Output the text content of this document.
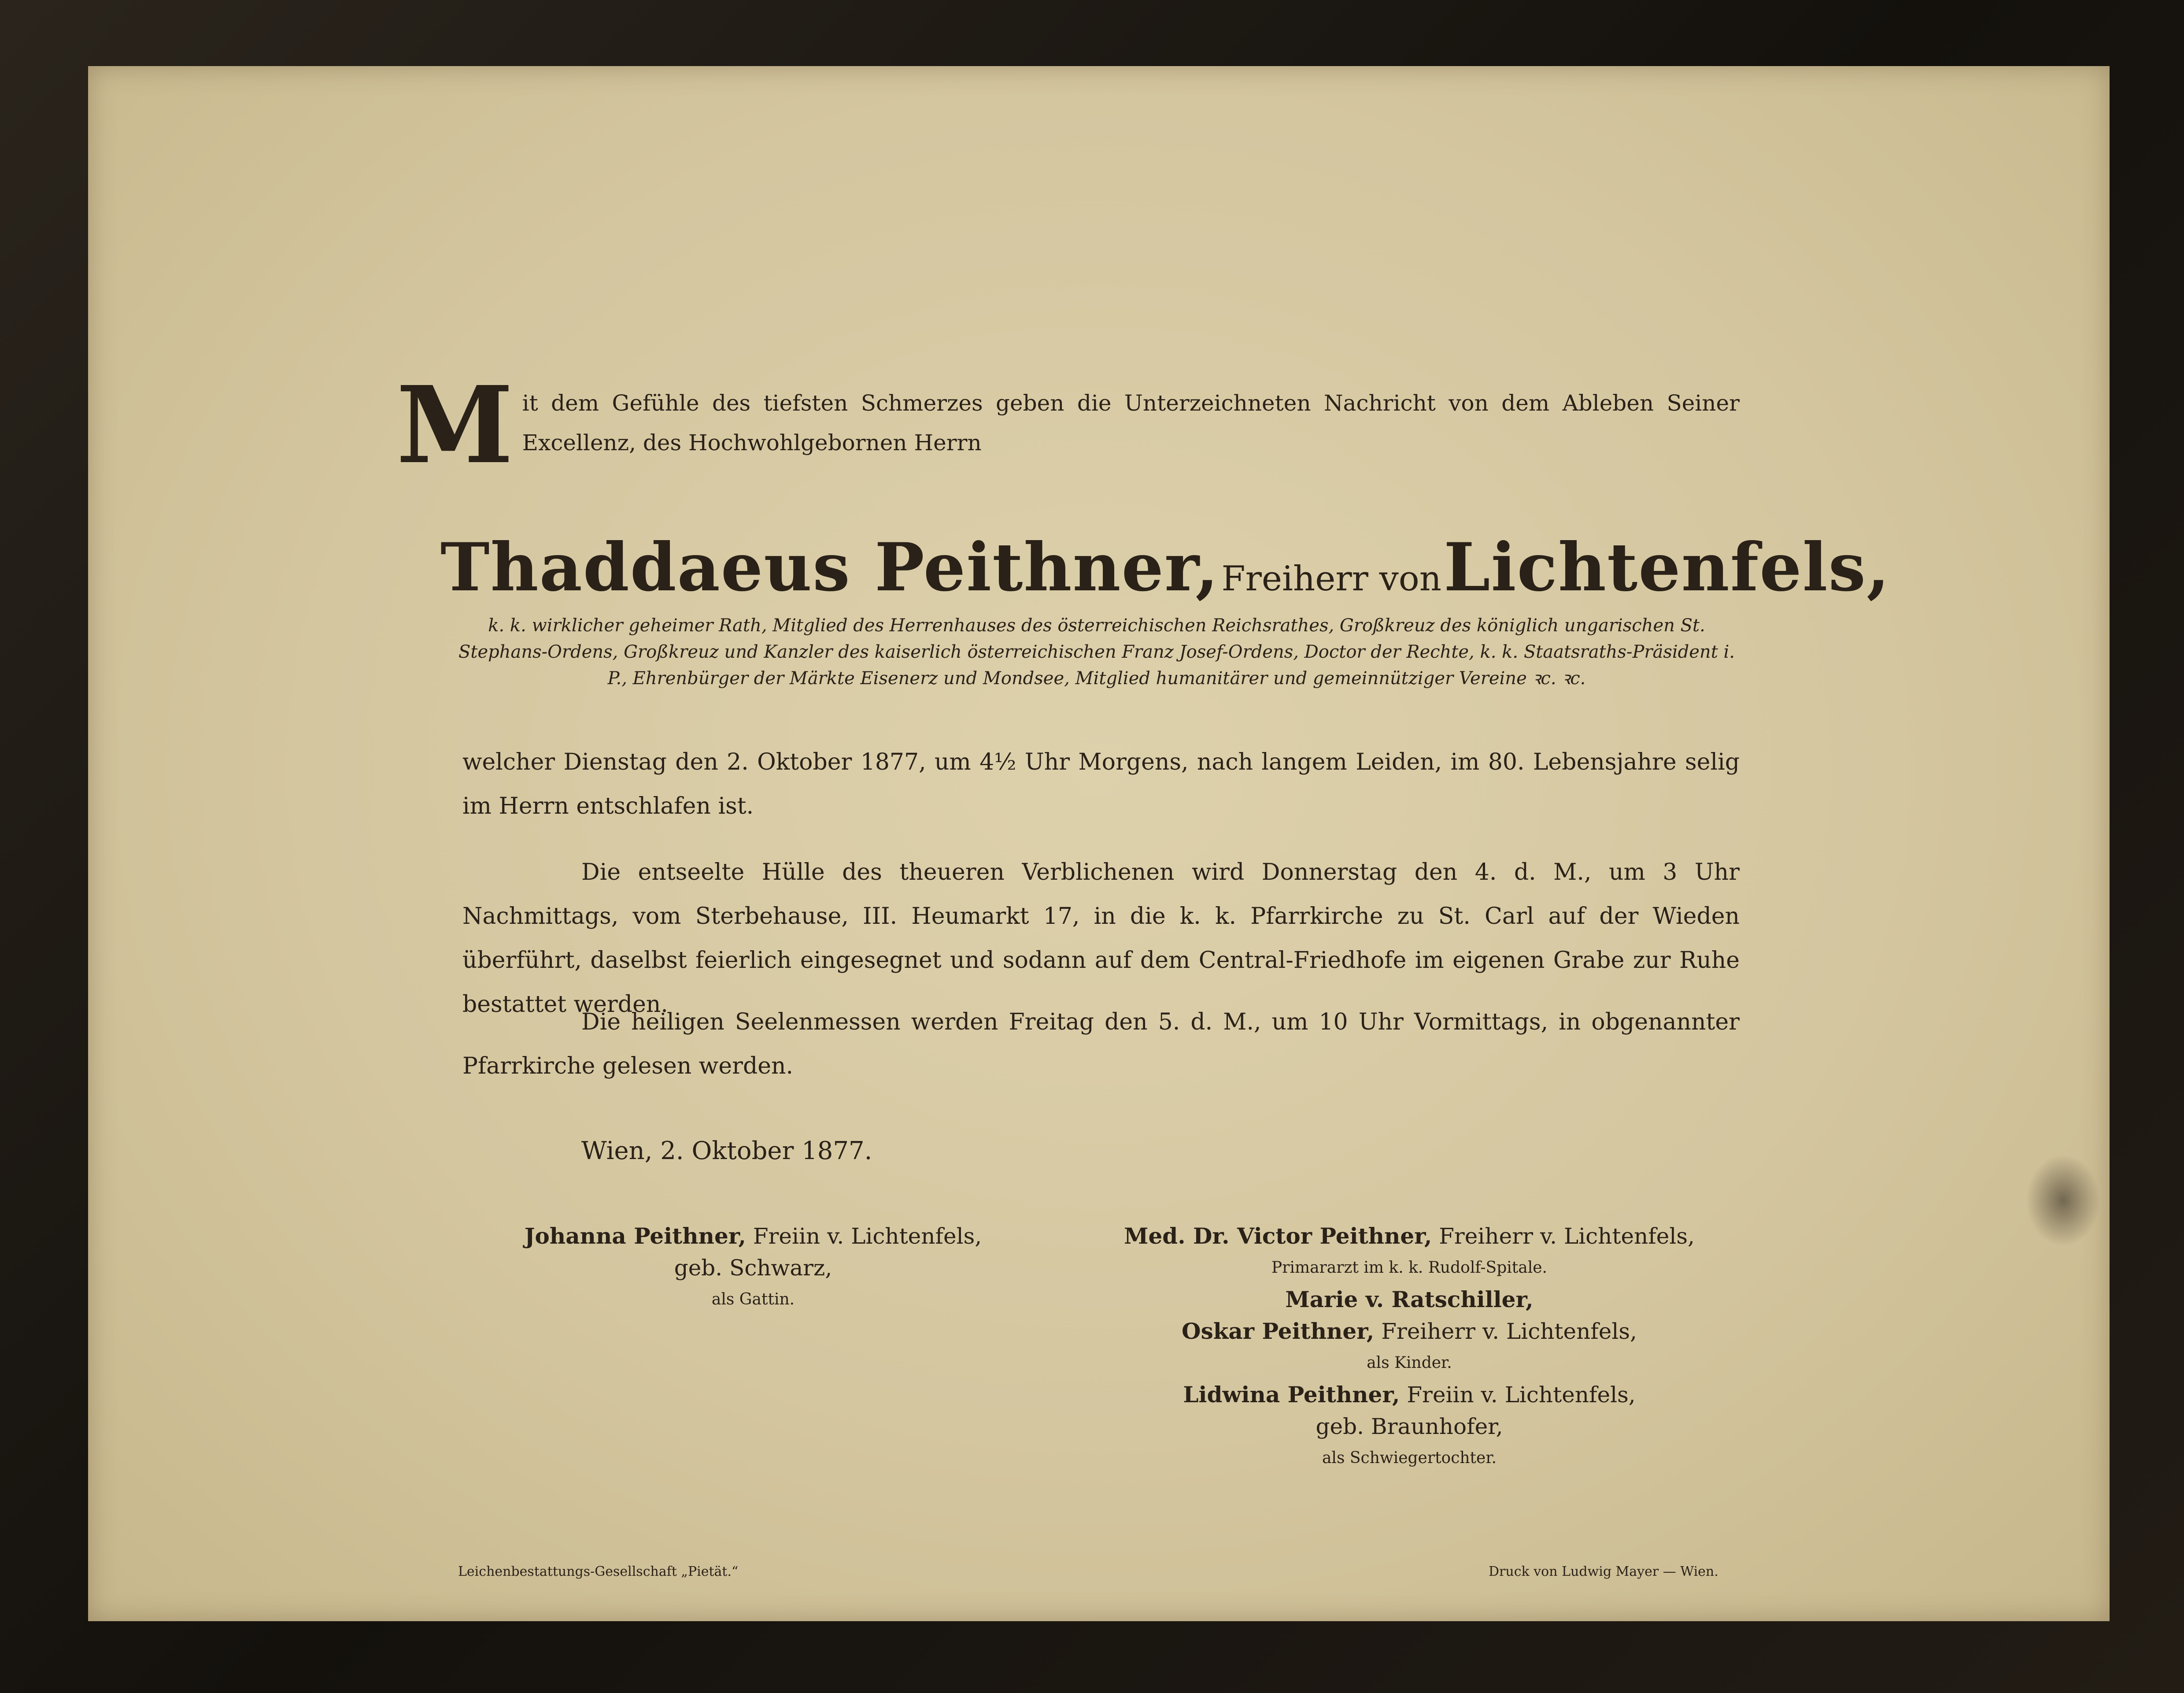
Mit dem Gefühle des tiefsten Schmerzes geben die Unterzeichneten Nachricht von dem Ableben Seiner Excellenz, des Hochwohlgebornen Herrn
Thaddaeus Peithner, Freiherr von Lichtenfels,
k. k. wirklicher geheimer Rath, Mitglied des Herrenhauses des österreichischen Reichsrathes, Großkreuz des königlich ungarischen St. Stephans-Ordens, Großkreuz und Kanzler des kaiserlich österreichischen Franz Josef-Ordens, Doctor der Rechte, k. k. Staatsraths-Präsident i. P., Ehrenbürger der Märkte Eisenerz und Mondsee, Mitglied humanitärer und gemeinnütziger Vereine ꝛc. ꝛc.
welcher Dienstag den 2. Oktober 1877, um 4½ Uhr Morgens, nach langem Leiden, im 80. Lebensjahre selig im Herrn entschlafen ist.
Die entseelte Hülle des theueren Verblichenen wird Donnerstag den 4. d. M., um 3 Uhr Nachmittags, vom Sterbehause, III. Heumarkt 17, in die k. k. Pfarrkirche zu St. Carl auf der Wieden überführt, daselbst feierlich eingesegnet und sodann auf dem Central-Friedhofe im eigenen Grabe zur Ruhe bestattet werden.
Die heiligen Seelenmessen werden Freitag den 5. d. M., um 10 Uhr Vormittags, in obgenannter Pfarrkirche gelesen werden.
Wien, 2. Oktober 1877.
Johanna Peithner, Freiin v. Lichtenfels,
geb. Schwarz,
als Gattin.
Med. Dr. Victor Peithner, Freiherr v. Lichtenfels,
Primararzt im k. k. Rudolf-Spitale.
Marie v. Ratschiller,
Oskar Peithner, Freiherr v. Lichtenfels,
als Kinder.
Lidwina Peithner, Freiin v. Lichtenfels,
geb. Braunhofer,
als Schwiegertochter.
Leichenbestattungs-Gesellschaft „Pietät.“	Druck von Ludwig Mayer — Wien.
